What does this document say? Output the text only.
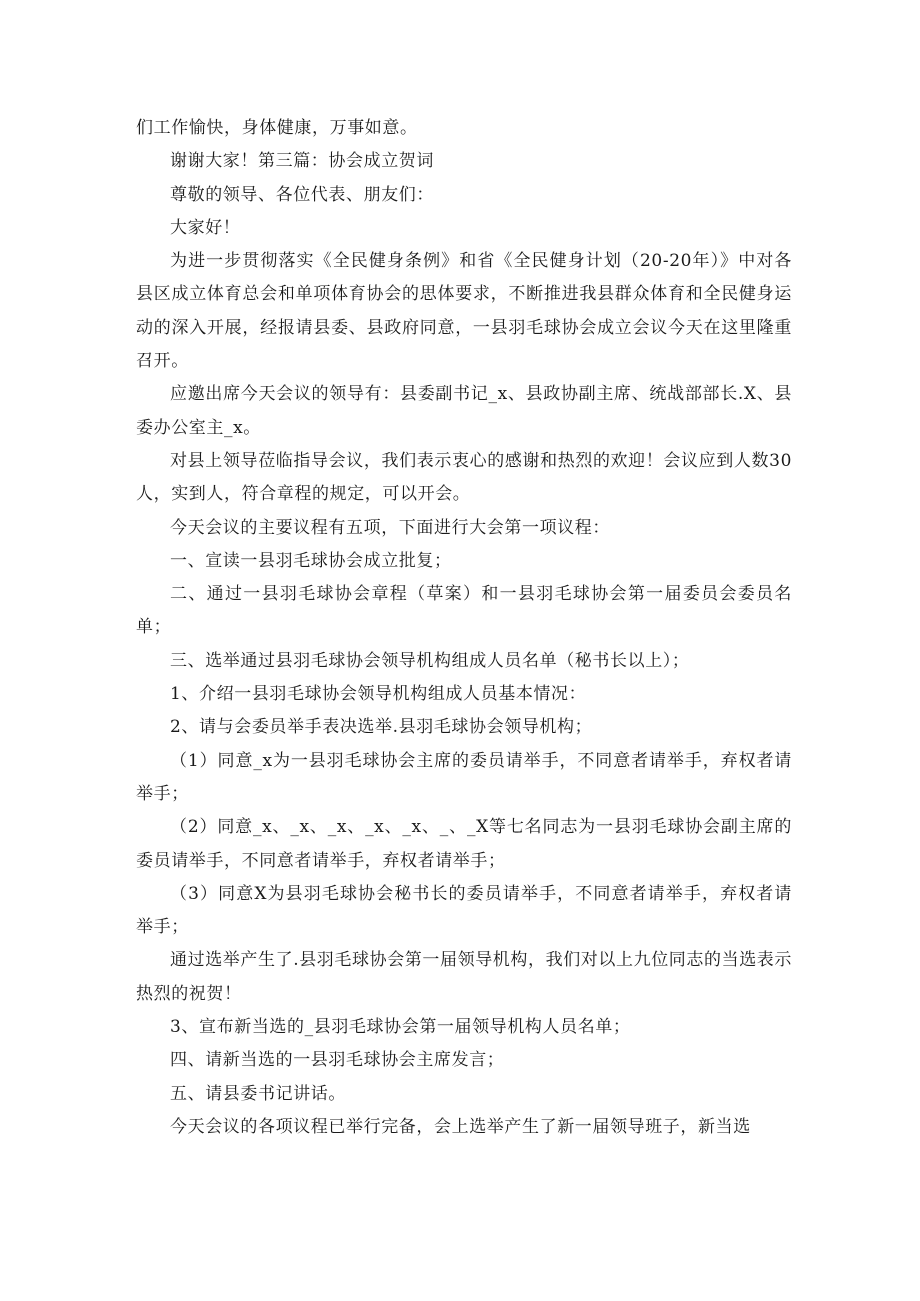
们工作愉快，身体健康，万事如意。

谢谢大家！第三篇：协会成立贺词

尊敬的领导、各位代表、朋友们：

大家好！

为进一步贯彻落实《全民健身条例》和省《全民健身计划（20-20年）》中对各县区成立体育总会和单项体育协会的思体要求，不断推进我县群众体育和全民健身运动的深入开展，经报请县委、县政府同意，一县羽毛球协会成立会议今天在这里隆重召开。

应邀出席今天会议的领导有：县委副书记_x、县政协副主席、统战部部长.X、县委办公室主_x。

对县上领导莅临指导会议，我们表示衷心的感谢和热烈的欢迎！会议应到人数30人，实到人，符合章程的规定，可以开会。

今天会议的主要议程有五项，下面进行大会第一项议程：

一、宣读一县羽毛球协会成立批复；

二、通过一县羽毛球协会章程（草案）和一县羽毛球协会第一届委员会委员名单；

三、选举通过县羽毛球协会领导机构组成人员名单（秘书长以上）；

1、介绍一县羽毛球协会领导机构组成人员基本情况：

2、请与会委员举手表决选举.县羽毛球协会领导机构；

（1）同意_x为一县羽毛球协会主席的委员请举手，不同意者请举手，弃权者请举手；

（2）同意_x、_x、_x、_x、_x、_、_X等七名同志为一县羽毛球协会副主席的委员请举手，不同意者请举手，弃权者请举手；

（3）同意X为县羽毛球协会秘书长的委员请举手，不同意者请举手，弃权者请举手；

通过选举产生了.县羽毛球协会第一届领导机构，我们对以上九位同志的当选表示热烈的祝贺！

3、宣布新当选的_县羽毛球协会第一届领导机构人员名单；

四、请新当选的一县羽毛球协会主席发言；

五、请县委书记讲话。

今天会议的各项议程已举行完备，会上选举产生了新一届领导班子，新当选
